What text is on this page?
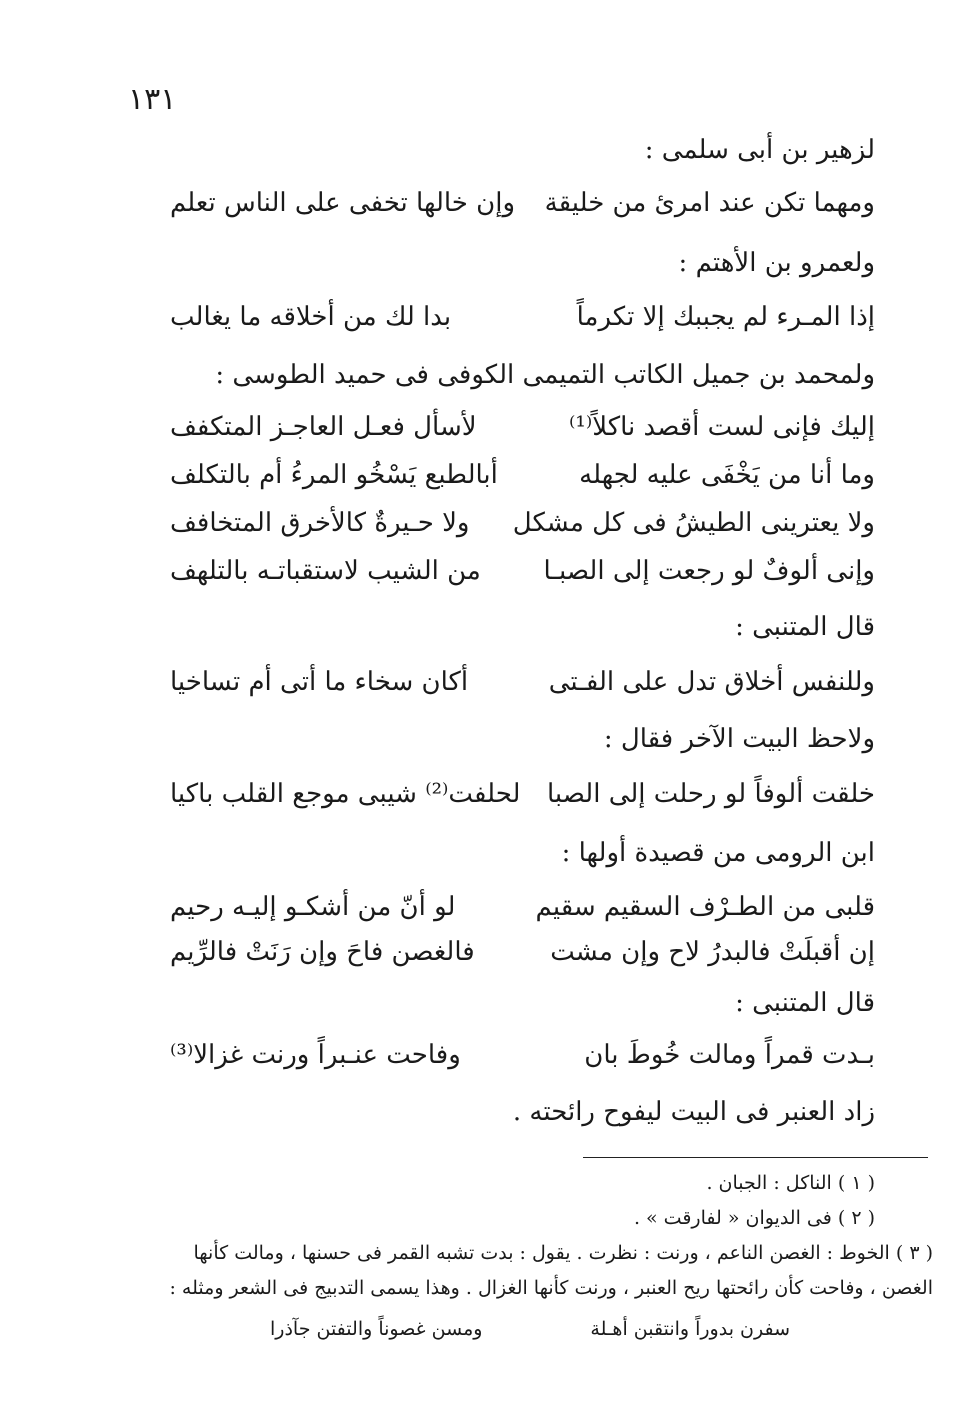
١٣١
لزهير بن أبى سلمى :
ومهما تكن عند امرئ من خليقة
وإن خالها تخفى على الناس تعلم
ولعمرو بن الأهتم :
إذا المـرء لم يجببك إلا تكرماً
بدا لك من أخلاقه ما يغالب
ولمحمد بن جميل الكاتب التميمى الكوفى فى حميد الطوسى :
إليك فإنى لست أقصد ناكلاً⁽¹⁾
لأسأل فعـل العاجـز المتكفف
وما أنا من يَخْفَى عليه لجهله
أبالطبع يَسْخُو المرءُ أم بالتكلف
ولا يعترينى الطيشُ فى كل مشكل
ولا حـيرةٌ كالأخرق المتخافف
وإنى ألوفٌ لو رجعت إلى الصبـا
من الشيب لاستقباتـه بالتلهف
قال المتنبى :
وللنفس أخلاق تدل على الفـتى
أكان سخاء ما أتى أم تساخيا
ولاحظ البيت الآخر فقال :
خلقت ألوفاً لو رحلت إلى الصبا
لحلفت⁽²⁾ شيبى موجع القلب باكيا
ابن الرومى من قصيدة أولها :
قلبى من الطـرْف السقيم سقيم
لو أنّ من أشكـو إليـه رحيم
إن أقبلَتْ فالبدرُ لاح وإن مشت
فالغصن فاحَ وإن رَنَتْ فالرِّيم
قال المتنبى :
بـدت قمراً ومالت خُوطَ بان
وفاحت عنـبراً ورنت غزالا⁽³⁾
زاد العنبر فى البيت ليفوح رائحته .
( ١ ) الناكل : الجبان .
( ٢ ) فى الديوان « لفارقت » .
( ٣ ) الخوط : الغصن الناعم ، ورنت : نظرت . يقول : بدت تشبه القمر فى حسنها ، ومالت كأنها
الغصن ، وفاحت كأن رائحتها ريح العنبر ، ورنت كأنها الغزال . وهذا يسمى التدبيج فى الشعر ومثله :
سفرن بدوراً وانتقبن أهـلة
ومسن غصوناً والتفتن جآذرا
